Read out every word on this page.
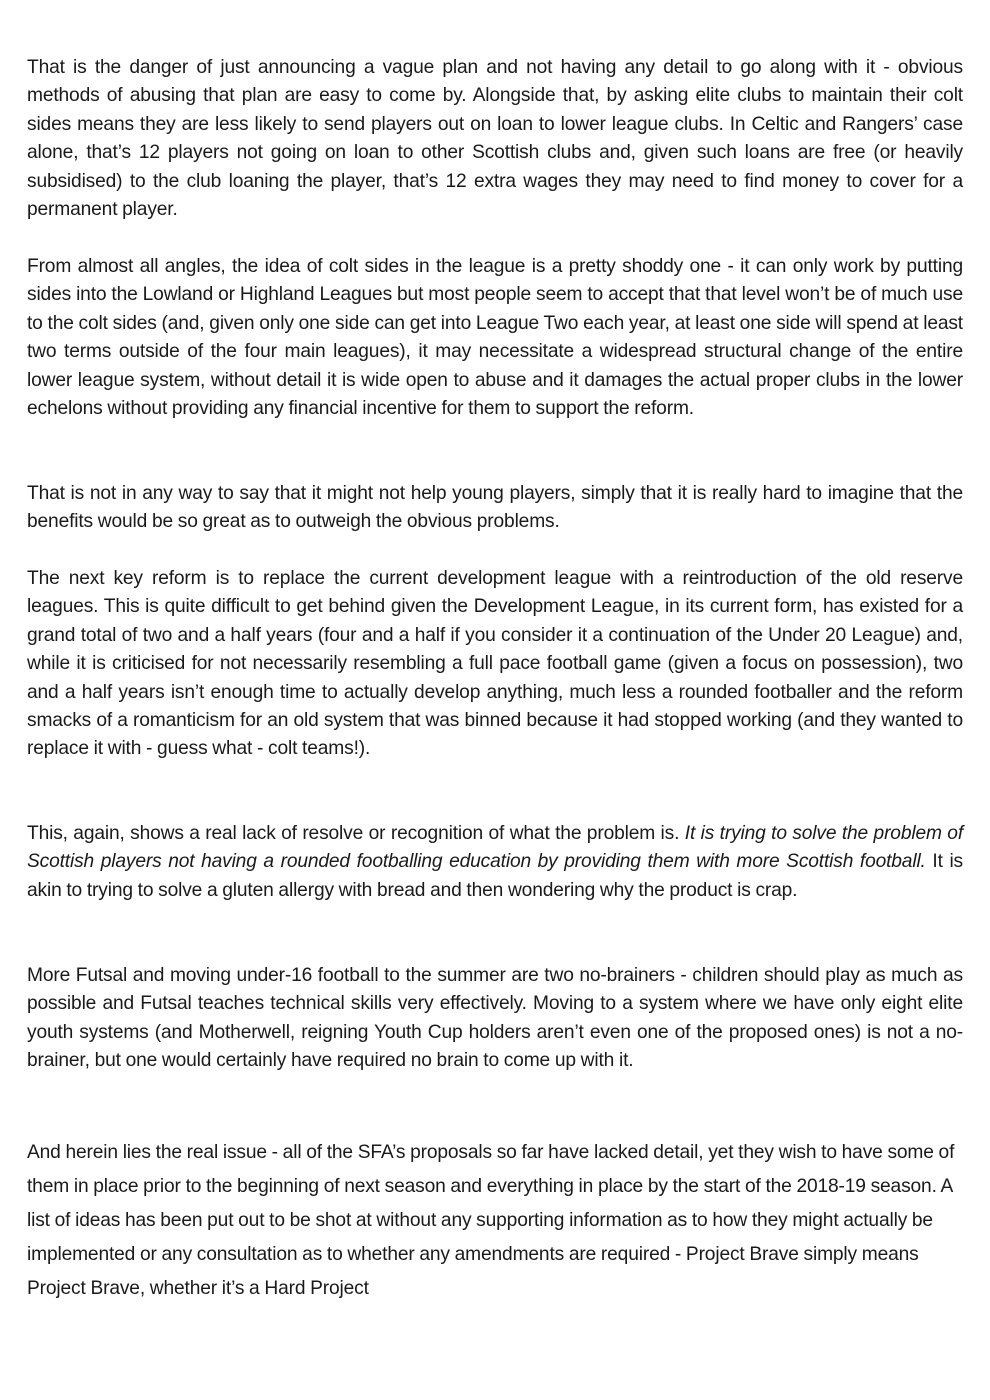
That is the danger of just announcing a vague plan and not having any detail to go along with it - obvious methods of abusing that plan are easy to come by. Alongside that, by asking elite clubs to maintain their colt sides means they are less likely to send players out on loan to lower league clubs. In Celtic and Rangers’ case alone, that’s 12 players not going on loan to other Scottish clubs and, given such loans are free (or heavily subsidised) to the club loaning the player, that’s 12 extra wages they may need to find money to cover for a permanent player.

From almost all angles, the idea of colt sides in the league is a pretty shoddy one - it can only work by putting sides into the Lowland or Highland Leagues but most people seem to accept that that level won’t be of much use to the colt sides (and, given only one side can get into League Two each year, at least one side will spend at least two terms outside of the four main leagues), it may necessitate a widespread structural change of the entire lower league system, without detail it is wide open to abuse and it damages the actual proper clubs in the lower echelons without providing any financial incentive for them to support the reform.

That is not in any way to say that it might not help young players, simply that it is really hard to imagine that the benefits would be so great as to outweigh the obvious problems.

The next key reform is to replace the current development league with a reintroduction of the old reserve leagues. This is quite difficult to get behind given the Development League, in its current form, has existed for a grand total of two and a half years (four and a half if you consider it a continuation of the Under 20 League) and, while it is criticised for not necessarily resembling a full pace football game (given a focus on possession), two and a half years isn’t enough time to actually develop anything, much less a rounded footballer and the reform smacks of a romanticism for an old system that was binned because it had stopped working (and they wanted to replace it with - guess what - colt teams!).

This, again, shows a real lack of resolve or recognition of what the problem is. It is trying to solve the problem of Scottish players not having a rounded footballing education by providing them with more Scottish football. It is akin to trying to solve a gluten allergy with bread and then wondering why the product is crap.

More Futsal and moving under-16 football to the summer are two no-brainers - children should play as much as possible and Futsal teaches technical skills very effectively. Moving to a system where we have only eight elite youth systems (and Motherwell, reigning Youth Cup holders aren’t even one of the proposed ones) is not a no-brainer, but one would certainly have required no brain to come up with it.

And herein lies the real issue - all of the SFA’s proposals so far have lacked detail, yet they wish to have some of them in place prior to the beginning of next season and everything in place by the start of the 2018-19 season. A list of ideas has been put out to be shot at without any supporting information as to how they might actually be implemented or any consultation as to whether any amendments are required - Project Brave simply means Project Brave, whether it’s a Hard Project
